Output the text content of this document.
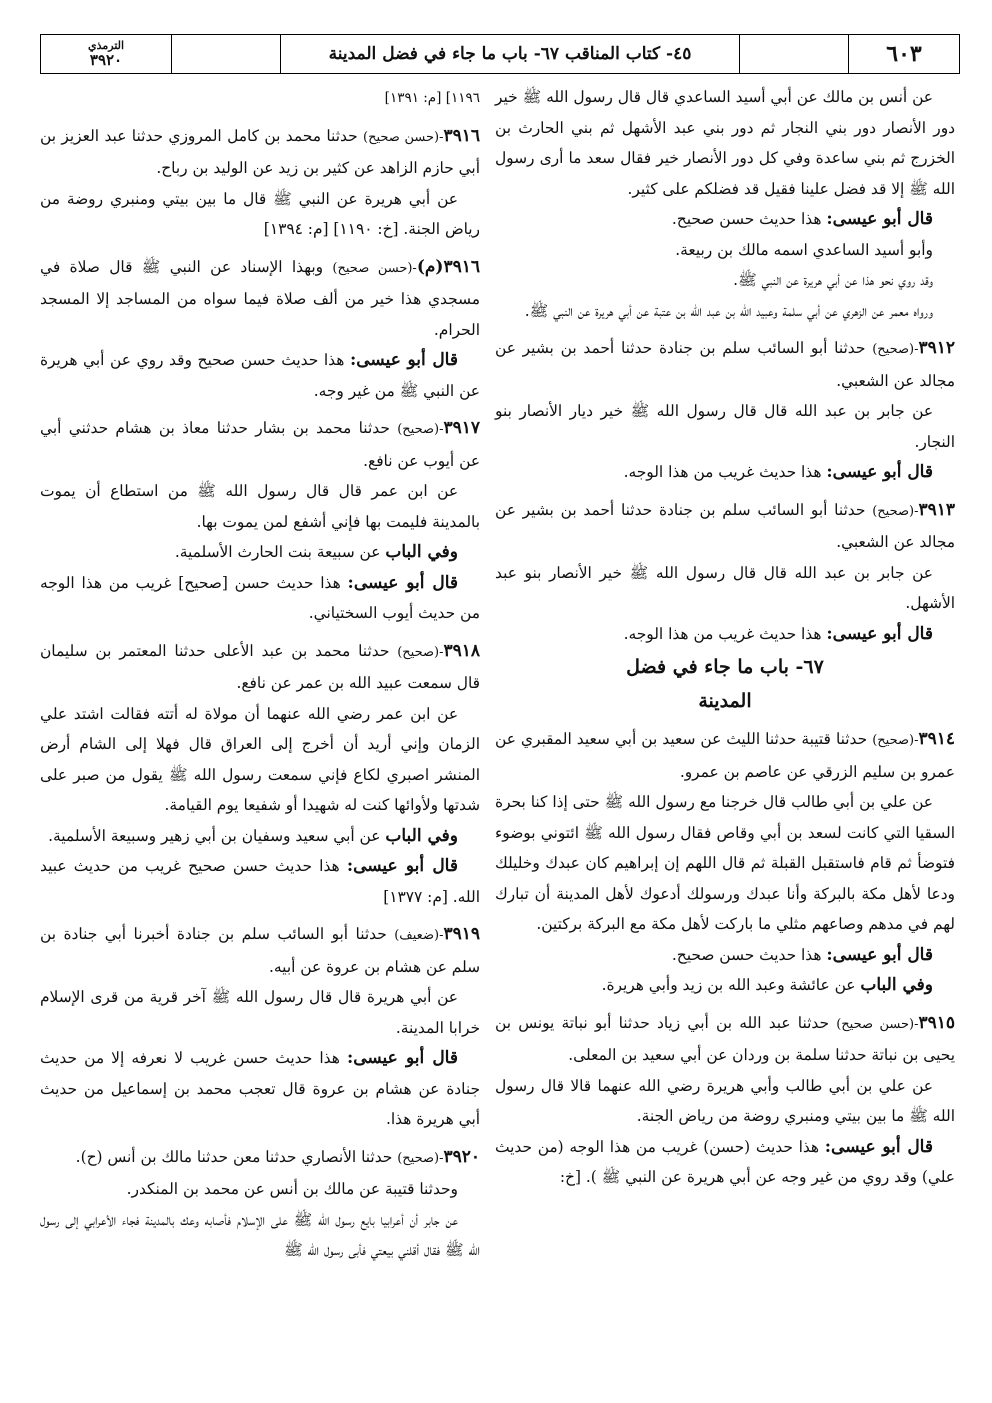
٦٠٣
٤٥- كتاب المناقب ٦٧- باب ما جاء في فضل المدينة
الترمذي
٣٩٢٠

عن أنس بن مالك عن أبي أسيد الساعدي قال قال رسول الله ﷺ خير دور الأنصار دور بني النجار ثم دور بني عبد الأشهل ثم بني الحارث بن الخزرج ثم بني ساعدة وفي كل دور الأنصار خير فقال سعد ما أرى رسول الله ﷺ إلا قد فضل علينا فقيل قد فضلكم على كثير.

قال أبو عيسى: هذا حديث حسن صحيح.

وأبو أسيد الساعدي اسمه مالك بن ربيعة.

وقد روي نحو هذا عن أبي هريرة عن النبي ﷺ.

ورواه معمر عن الزهري عن أبي سلمة وعبيد الله بن عبد الله بن عتبة عن أبي هريرة عن النبي ﷺ.

٣٩١٢-(صحيح) حدثنا أبو السائب سلم بن جنادة حدثنا أحمد بن بشير عن مجالد عن الشعبي.

عن جابر بن عبد الله قال قال رسول الله ﷺ خير ديار الأنصار بنو النجار.

قال أبو عيسى: هذا حديث غريب من هذا الوجه.

٣٩١٣-(صحيح) حدثنا أبو السائب سلم بن جنادة حدثنا أحمد بن بشير عن مجالد عن الشعبي.

عن جابر بن عبد الله قال قال رسول الله ﷺ خير الأنصار بنو عبد الأشهل.

قال أبو عيسى: هذا حديث غريب من هذا الوجه.

٦٧- باب ما جاء في فضل
المدينة

٣٩١٤-(صحيح) حدثنا قتيبة حدثنا الليث عن سعيد بن أبي سعيد المقبري عن عمرو بن سليم الزرقي عن عاصم بن عمرو.

عن علي بن أبي طالب قال خرجنا مع رسول الله ﷺ حتى إذا كنا بحرة السقيا التي كانت لسعد بن أبي وقاص فقال رسول الله ﷺ ائتوني بوضوء فتوضأ ثم قام فاستقبل القبلة ثم قال اللهم إن إبراهيم كان عبدك وخليلك ودعا لأهل مكة بالبركة وأنا عبدك ورسولك أدعوك لأهل المدينة أن تبارك لهم في مدهم وصاعهم مثلي ما باركت لأهل مكة مع البركة بركتين.

قال أبو عيسى: هذا حديث حسن صحيح.

وفي الباب عن عائشة وعبد الله بن زيد وأبي هريرة.

٣٩١٥-(حسن صحيح) حدثنا عبد الله بن أبي زياد حدثنا أبو نباتة يونس بن يحيى بن نباتة حدثنا سلمة بن وردان عن أبي سعيد بن المعلى.

عن علي بن أبي طالب وأبي هريرة رضي الله عنهما قالا قال رسول الله ﷺ ما بين بيتي ومنبري روضة من رياض الجنة.

قال أبو عيسى: هذا حديث (حسن) غريب من هذا الوجه (من حديث علي) وقد روي من غير وجه عن أبي هريرة عن النبي ﷺ ). [خ:

١١٩٦] [م: ١٣٩١]

٣٩١٦-(حسن صحيح) حدثنا محمد بن كامل المروزي حدثنا عبد العزيز بن أبي حازم الزاهد عن كثير بن زيد عن الوليد بن رباح.

عن أبي هريرة عن النبي ﷺ قال ما بين بيتي ومنبري روضة من رياض الجنة. [خ: ١١٩٠] [م: ١٣٩٤]

٣٩١٦(م)-(حسن صحيح) وبهذا الإسناد عن النبي ﷺ قال صلاة في مسجدي هذا خير من ألف صلاة فيما سواه من المساجد إلا المسجد الحرام.

قال أبو عيسى: هذا حديث حسن صحيح وقد روي عن أبي هريرة عن النبي ﷺ من غير وجه.

٣٩١٧-(صحيح) حدثنا محمد بن بشار حدثنا معاذ بن هشام حدثني أبي عن أيوب عن نافع.

عن ابن عمر قال قال رسول الله ﷺ من استطاع أن يموت بالمدينة فليمت بها فإني أشفع لمن يموت بها.

وفي الباب عن سبيعة بنت الحارث الأسلمية.

قال أبو عيسى: هذا حديث حسن [صحيح] غريب من هذا الوجه من حديث أيوب السختياني.

٣٩١٨-(صحيح) حدثنا محمد بن عبد الأعلى حدثنا المعتمر بن سليمان قال سمعت عبيد الله بن عمر عن نافع.

عن ابن عمر رضي الله عنهما أن مولاة له أتته فقالت اشتد علي الزمان وإني أريد أن أخرج إلى العراق قال فهلا إلى الشام أرض المنشر اصبري لكاع فإني سمعت رسول الله ﷺ يقول من صبر على شدتها ولأوائها كنت له شهيدا أو شفيعا يوم القيامة.

وفي الباب عن أبي سعيد وسفيان بن أبي زهير وسبيعة الأسلمية.

قال أبو عيسى: هذا حديث حسن صحيح غريب من حديث عبيد الله. [م: ١٣٧٧]

٣٩١٩-(ضعيف) حدثنا أبو السائب سلم بن جنادة أخبرنا أبي جنادة بن سلم عن هشام بن عروة عن أبيه.

عن أبي هريرة قال قال رسول الله ﷺ آخر قرية من قرى الإسلام خرابا المدينة.

قال أبو عيسى: هذا حديث حسن غريب لا نعرفه إلا من حديث جنادة عن هشام بن عروة قال تعجب محمد بن إسماعيل من حديث أبي هريرة هذا.

٣٩٢٠-(صحيح) حدثنا الأنصاري حدثنا معن حدثنا مالك بن أنس (ح).

وحدثنا قتيبة عن مالك بن أنس عن محمد بن المنكدر.

عن جابر أن أعرابيا بايع رسول الله ﷺ على الإسلام فأصابه وعك بالمدينة فجاء الأعرابي إلى رسول الله ﷺ فقال أقلني بيعتي فأبى رسول الله ﷺ
